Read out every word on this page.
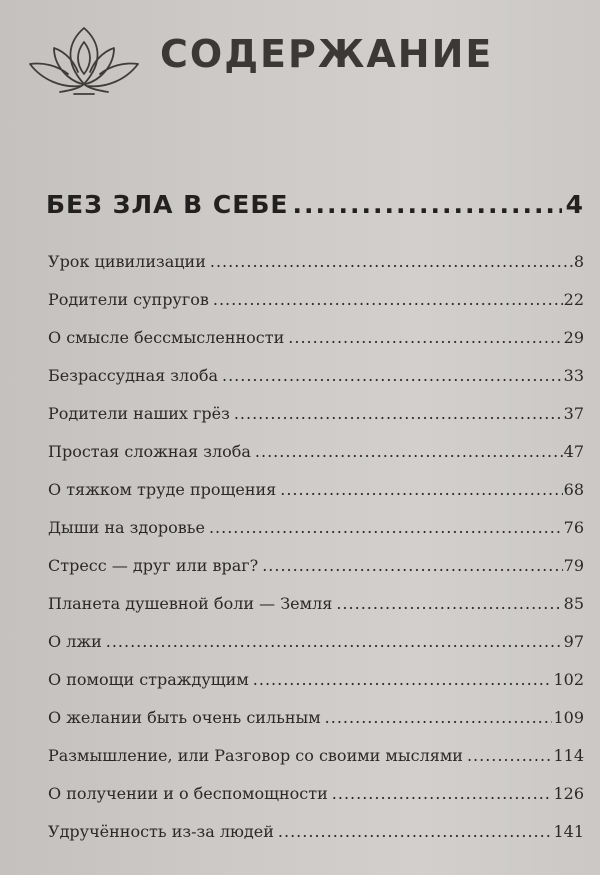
СОДЕРЖАНИЕ
БЕЗ ЗЛА В СЕБЕ .....	4
Урок цивилизации .....	8
Родители супругов .....	22
О смысле бессмысленности .....	29
Безрассудная злоба .....	33
Родители наших грёз .....	37
Простая сложная злоба .....	47
О тяжком труде прощения .....	68
Дыши на здоровье .....	76
Стресс — друг или враг? .....	79
Планета душевной боли — Земля .....	85
О лжи .....	97
О помощи страждущим .....	102
О желании быть очень сильным .....	109
Размышление, или Разговор со своими мыслями .....	114
О получении и о беспомощности .....	126
Удручённость из-за людей .....	141
